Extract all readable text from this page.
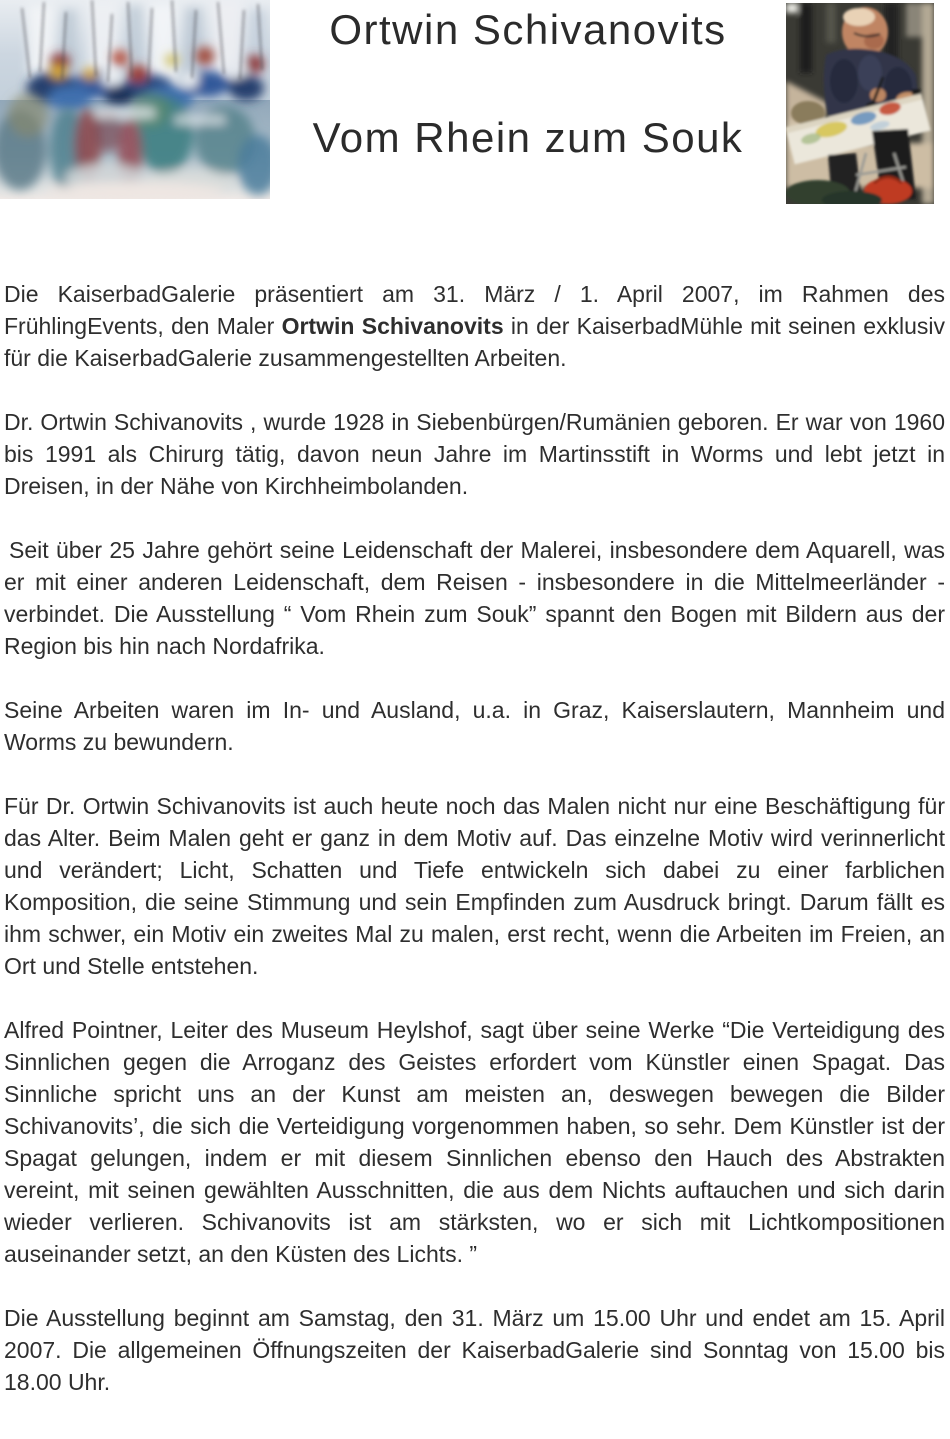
Ortwin Schivanovits
Vom Rhein zum Souk

Die KaiserbadGalerie präsentiert am 31. März / 1. April 2007, im Rahmen des FrühlingEvents, den Maler Ortwin Schivanovits in der KaiserbadMühle mit seinen exklusiv für die KaiserbadGalerie zusammengestellten Arbeiten.

Dr. Ortwin Schivanovits , wurde 1928 in Siebenbürgen/Rumänien geboren. Er war von 1960 bis 1991 als Chirurg tätig, davon neun Jahre im Martinsstift in Worms und lebt jetzt in Dreisen, in der Nähe von Kirchheimbolanden.

Seit über 25 Jahre gehört seine Leidenschaft der Malerei, insbesondere dem Aquarell, was er mit einer anderen Leidenschaft, dem Reisen - insbesondere in die Mittelmeerländer - verbindet. Die Ausstellung “ Vom Rhein zum Souk” spannt den Bogen mit Bildern aus der Region bis hin nach Nordafrika.

Seine Arbeiten waren im In- und Ausland, u.a. in Graz, Kaiserslautern, Mannheim und Worms zu bewundern.

Für Dr. Ortwin Schivanovits ist auch heute noch das Malen nicht nur eine Beschäftigung für das Alter. Beim Malen geht er ganz in dem Motiv auf. Das einzelne Motiv wird verinnerlicht und verändert; Licht, Schatten und Tiefe entwickeln sich dabei zu einer farblichen Komposition, die seine Stimmung und sein Empfinden zum Ausdruck bringt. Darum fällt es ihm schwer, ein Motiv ein zweites Mal zu malen, erst recht, wenn die Arbeiten im Freien, an Ort und Stelle entstehen.

Alfred Pointner, Leiter des Museum Heylshof, sagt über seine Werke “Die Verteidigung des Sinnlichen gegen die Arroganz des Geistes erfordert vom Künstler einen Spagat. Das Sinnliche spricht uns an der Kunst am meisten an, deswegen bewegen die Bilder Schivanovits’, die sich die Verteidigung vorgenommen haben, so sehr. Dem Künstler ist der Spagat gelungen, indem er mit diesem Sinnlichen ebenso den Hauch des Abstrakten vereint, mit seinen gewählten Ausschnitten, die aus dem Nichts auftauchen und sich darin wieder verlieren. Schivanovits ist am stärksten, wo er sich mit Lichtkompositionen auseinander setzt, an den Küsten des Lichts. ”

Die Ausstellung beginnt am Samstag, den 31. März um 15.00 Uhr und endet am 15. April 2007. Die allgemeinen Öffnungszeiten der KaiserbadGalerie sind Sonntag von 15.00 bis 18.00 Uhr.
